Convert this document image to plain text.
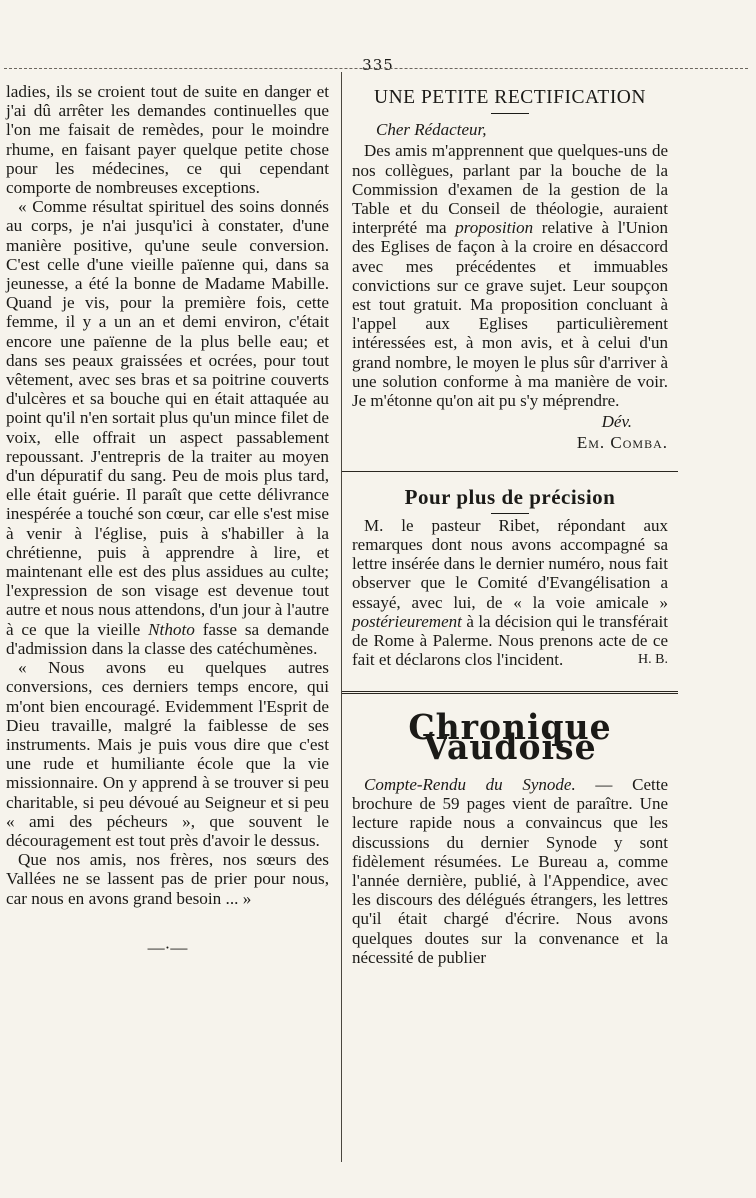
335

ladies, ils se croient tout de suite en danger et j'ai dû arrêter les demandes continuelles que l'on me faisait de remèdes, pour le moindre rhume, en faisant payer quelque petite chose pour les médecines, ce qui cependant comporte de nombreuses exceptions.

« Comme résultat spirituel des soins donnés au corps, je n'ai jusqu'ici à constater, d'une manière positive, qu'une seule conversion. C'est celle d'une vieille païenne qui, dans sa jeunesse, a été la bonne de Madame Mabille. Quand je vis, pour la première fois, cette femme, il y a un an et demi environ, c'était encore une païenne de la plus belle eau; et dans ses peaux graissées et ocrées, pour tout vêtement, avec ses bras et sa poitrine couverts d'ulcères et sa bouche qui en était attaquée au point qu'il n'en sortait plus qu'un mince filet de voix, elle offrait un aspect passablement repoussant. J'entrepris de la traiter au moyen d'un dépuratif du sang. Peu de mois plus tard, elle était guérie. Il paraît que cette délivrance inespérée a touché son cœur, car elle s'est mise à venir à l'église, puis à s'habiller à la chrétienne, puis à apprendre à lire, et maintenant elle est des plus assidues au culte; l'expression de son visage est devenue tout autre et nous nous attendons, d'un jour à l'autre à ce que la vieille Nthoto fasse sa demande d'admission dans la classe des catéchumènes.

« Nous avons eu quelques autres conversions, ces derniers temps encore, qui m'ont bien encouragé. Evidemment l'Esprit de Dieu travaille, malgré la faiblesse de ses instruments. Mais je puis vous dire que c'est une rude et humiliante école que la vie missionnaire. On y apprend à se trouver si peu charitable, si peu dévoué au Seigneur et si peu « ami des pécheurs », que souvent le découragement est tout près d'avoir le dessus.

Que nos amis, nos frères, nos sœurs des Vallées ne se lassent pas de prier pour nous, car nous en avons grand besoin ... »

—·—
UNE PETITE RECTIFICATION
Cher Rédacteur,

Des amis m'apprennent que quelques-uns de nos collègues, parlant par la bouche de la Commission d'examen de la gestion de la Table et du Conseil de théologie, auraient interprété ma proposition relative à l'Union des Eglises de façon à la croire en désaccord avec mes précédentes et immuables convictions sur ce grave sujet. Leur soupçon est tout gratuit. Ma proposition concluant à l'appel aux Eglises particulièrement intéressées est, à mon avis, et à celui d'un grand nombre, le moyen le plus sûr d'arriver à une solution conforme à ma manière de voir. Je m'étonne qu'on ait pu s'y méprendre.

Dév.
Em. Comba.
Pour plus de précision

M. le pasteur Ribet, répondant aux remarques dont nous avons accompagné sa lettre insérée dans le dernier numéro, nous fait observer que le Comité d'Evangélisation a essayé, avec lui, de « la voie amicale » postérieurement à la décision qui le transférait de Rome à Palerme. Nous prenons acte de ce fait et déclarons clos l'incident.	H. B.

Chronique Vaudoise

Compte-Rendu du Synode. — Cette brochure de 59 pages vient de paraître. Une lecture rapide nous a convaincus que les discussions du dernier Synode y sont fidèlement résumées. Le Bureau a, comme l'année dernière, publié, à l'Appendice, avec les discours des délégués étrangers, les lettres qu'il était chargé d'écrire. Nous avons quelques doutes sur la convenance et la nécessité de publier
